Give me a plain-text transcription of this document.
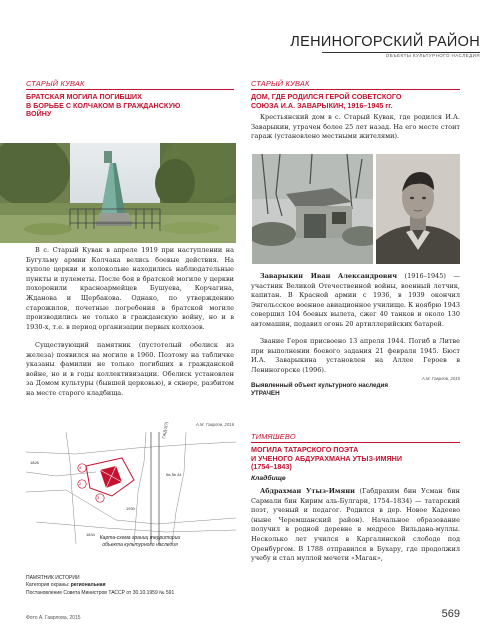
ЛЕНИНОГОРСКИЙ РАЙОН
ОБЪЕКТЫ КУЛЬТУРНОГО НАСЛЕДИЯ
СТАРЫЙ КУВАК
БРАТСКАЯ МОГИЛА ПОГИБШИХ
В БОРЬБЕ С КОЛЧАКОМ В ГРАЖДАНСКУЮ
ВОЙНУ
В с. Старый Кувак в апреле 1919 при наступлении на Бугульму армии Колчака велись боевые действия. На куполе церкви и колокольне находились наблюдательные пункты и пулеметы. После боя в братской могиле у церкви похоронили красноармейцев Бушуева, Корчагина, Жданова и Щербакова. Однако, по утверждению старожилов, почетные погребения в братской могиле производились не только в гражданскую войну, но и в 1930-х, т.е. в период организации первых колхозов.
Существующий памятник (пустотелый обелиск из железа) появился на могиле в 1960. Поэтому на табличке указаны фамилии не только погибших в гражданской войне, но и в годы коллективизации. Обелиск установлен за Домом культуры (бывшей церковью), в сквере, разбитом на месте старого кладбища.
А.М. Гаврлов, 2016
4
2
3
ГЖД-2(?)
Кв.№ 44
1826
1930
1834
Карта-схема границ территории
объекта культурного наследия
ПАМЯТНИК ИСТОРИИ
Категория охраны: региональная
Постановление Совета Министров ТАССР от 30.10.1959 № 591
СТАРЫЙ КУВАК
ДОМ, ГДЕ РОДИЛСЯ ГЕРОЙ СОВЕТСКОГО
СОЮЗА И.А. ЗАВАРЫКИН, 1916–1945 гг.
Крестьянский дом в с. Старый Кувак, где родился И.А. Заварыкин, утрачен более 25 лет назад. На его месте стоит гараж (установлено местными жителями).
Заварыкин Иван Александрович (1916–1945) — участник Великой Отечественной войны, военный летчик, капитан. В Красной армии с 1936, в 1939 окончил Энгельсское военное авиационное училище. К ноябрю 1943 совершил 104 боевых вылета, сжег 40 танков и около 130 автомашин, подавил огонь 20 артиллерийских батарей.
Звание Героя присвоено 13 апреля 1944. Погиб в Литве при выполнении боевого задания 21 февраля 1945. Бюст И.А. Заварыкина установлен на Аллее Героев в Лениногорске (1996).
А.М. Гаврлов, 2015
Выявленный объект культурного наследия
УТРАЧЕН
ТИМЯШЕВО
МОГИЛА ТАТАРСКОГО ПОЭТА
И УЧЕНОГО АБДУРАХМАНА УТЫЗ-ИМЯНИ
(1754–1843)
Кладбище
Абдрахман Утыз-Имяни (Габдрахим бин Усман бин Сармали бин Кирим аль-Булгари, 1754–1834) — татарский поэт, ученый и педагог. Родился в дер. Новое Кадеево (ныне Черемшанский район). Начальное образование получил в родной деревне в медресе Вильдана-муллы. Несколько лет учился в Каргалинской слободе под Оренбургом. В 1788 отправился в Бухару, где продолжил учебу и стал муллой мечети «Магак»,
Фото А. Гаврлова, 2015	569
